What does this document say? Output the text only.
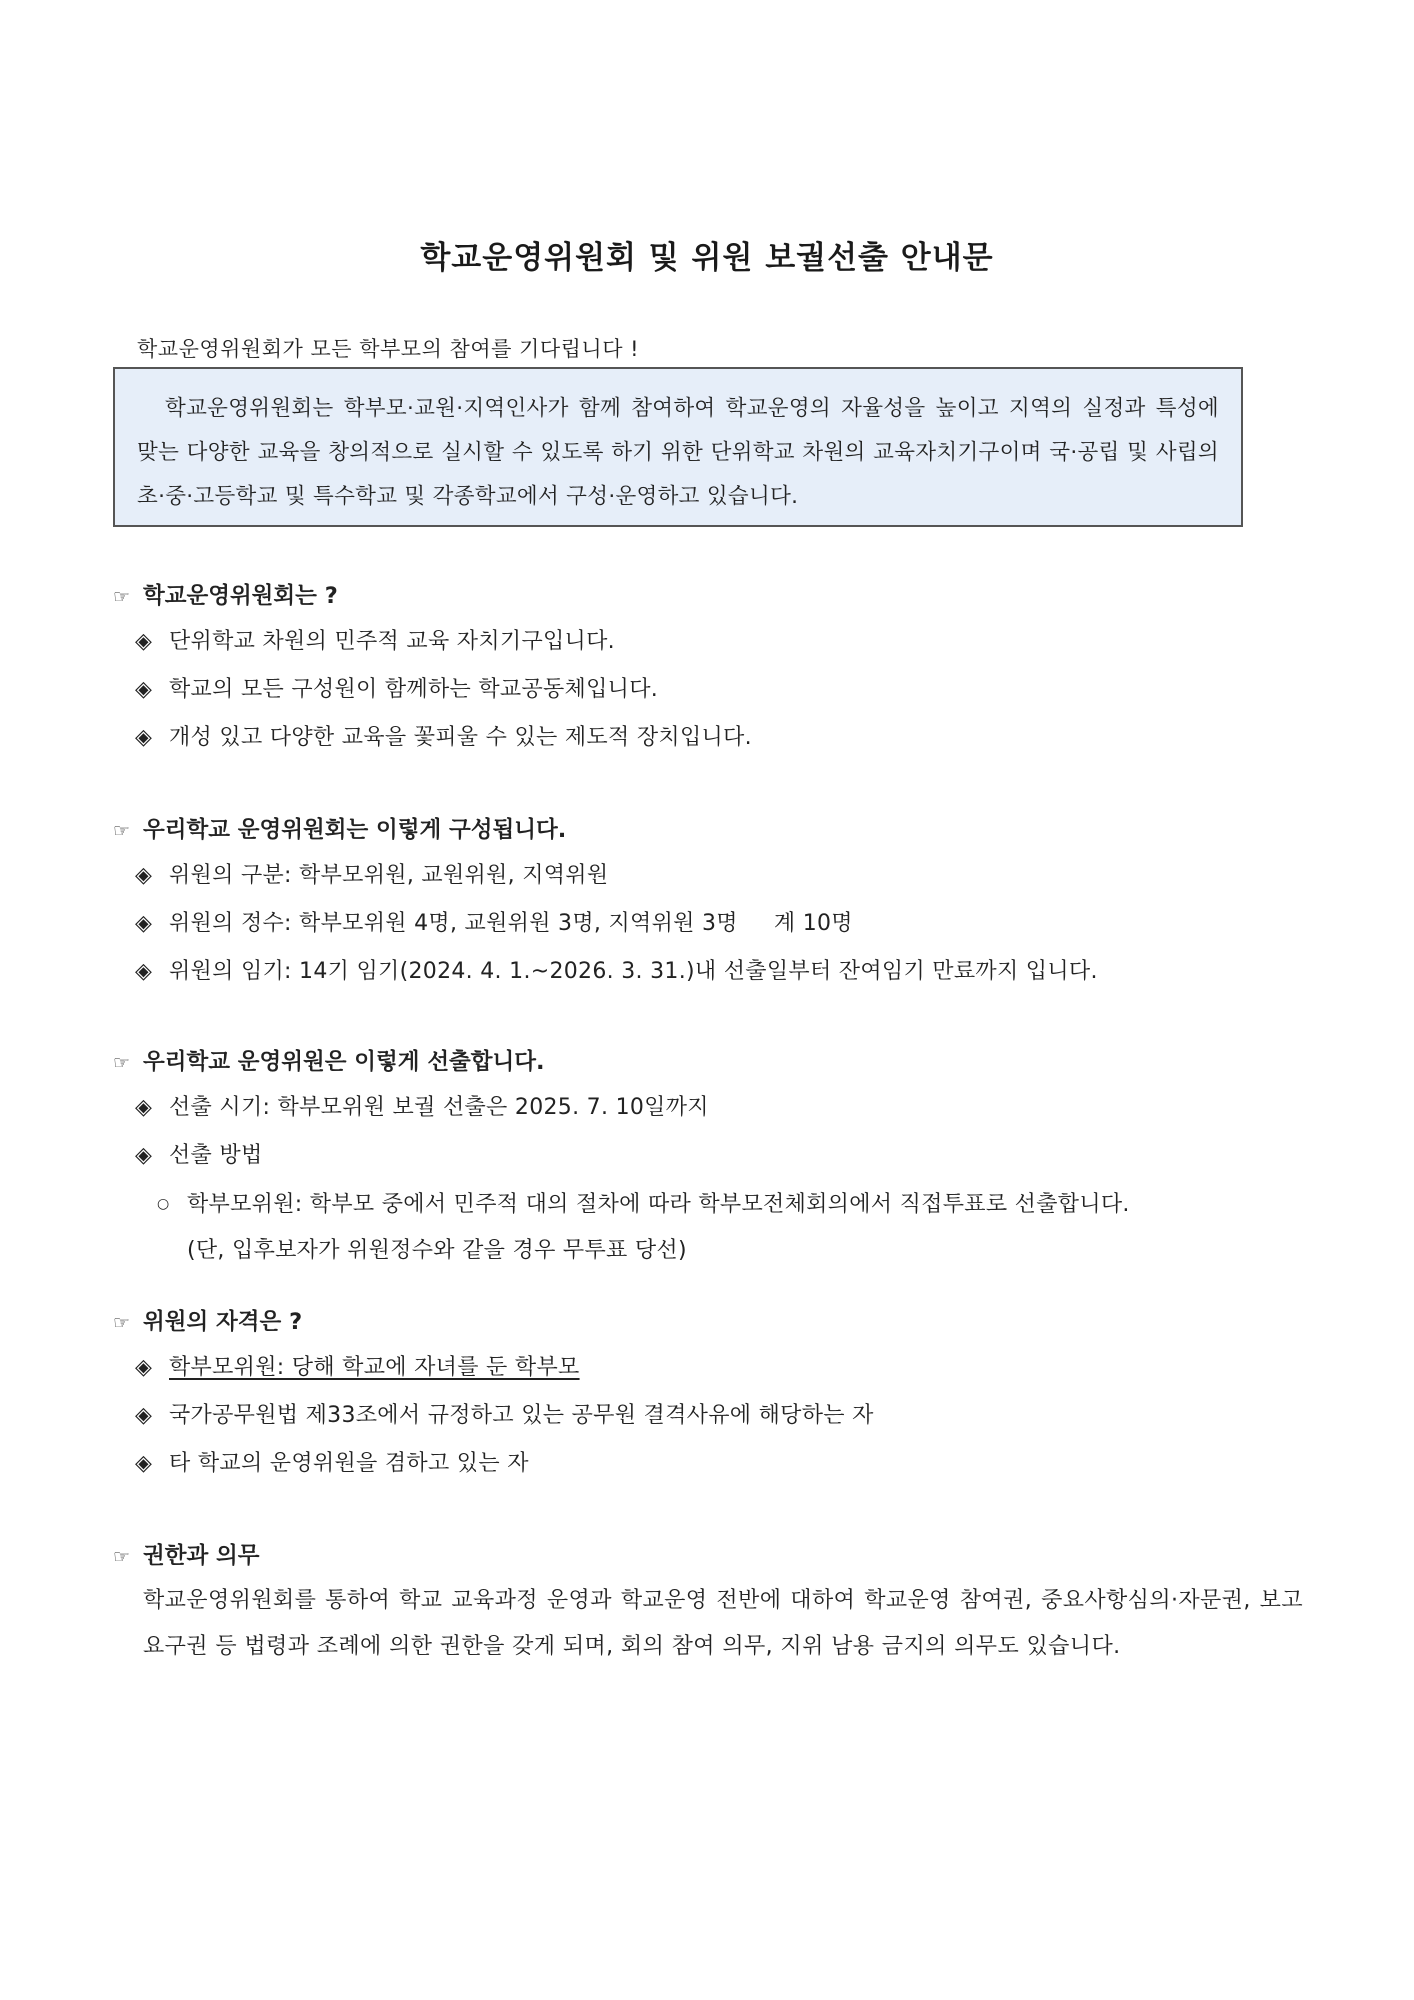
학교운영위원회 및 위원 보궐선출 안내문
학교운영위원회가 모든 학부모의 참여를 기다립니다 !
학교운영위원회는 학부모·교원·지역인사가 함께 참여하여 학교운영의 자율성을 높이고 지역의 실정과 특성에 맞는 다양한 교육을 창의적으로 실시할 수 있도록 하기 위한 단위학교 차원의 교육자치기구이며 국·공립 및 사립의 초·중·고등학교 및 특수학교 및 각종학교에서 구성·운영하고 있습니다.
☞ 학교운영위원회는 ?
◈ 단위학교 차원의 민주적 교육 자치기구입니다.
◈ 학교의 모든 구성원이 함께하는 학교공동체입니다.
◈ 개성 있고 다양한 교육을 꽃피울 수 있는 제도적 장치입니다.
☞ 우리학교 운영위원회는 이렇게 구성됩니다.
◈ 위원의 구분: 학부모위원, 교원위원, 지역위원
◈ 위원의 정수: 학부모위원 4명, 교원위원 3명, 지역위원 3명 계 10명
◈ 위원의 임기: 14기 임기(2024. 4. 1.~2026. 3. 31.)내 선출일부터 잔여임기 만료까지 입니다.
☞ 우리학교 운영위원은 이렇게 선출합니다.
◈ 선출 시기: 학부모위원 보궐 선출은 2025. 7. 10일까지
◈ 선출 방법
○ 학부모위원: 학부모 중에서 민주적 대의 절차에 따라 학부모전체회의에서 직접투표로 선출합니다.
(단, 입후보자가 위원정수와 같을 경우 무투표 당선)
☞ 위원의 자격은 ?
◈ 학부모위원: 당해 학교에 자녀를 둔 학부모
◈ 국가공무원법 제33조에서 규정하고 있는 공무원 결격사유에 해당하는 자
◈ 타 학교의 운영위원을 겸하고 있는 자
☞ 권한과 의무
학교운영위원회를 통하여 학교 교육과정 운영과 학교운영 전반에 대하여 학교운영 참여권, 중요사항심의·자문권, 보고 요구권 등 법령과 조례에 의한 권한을 갖게 되며, 회의 참여 의무, 지위 남용 금지의 의무도 있습니다.
